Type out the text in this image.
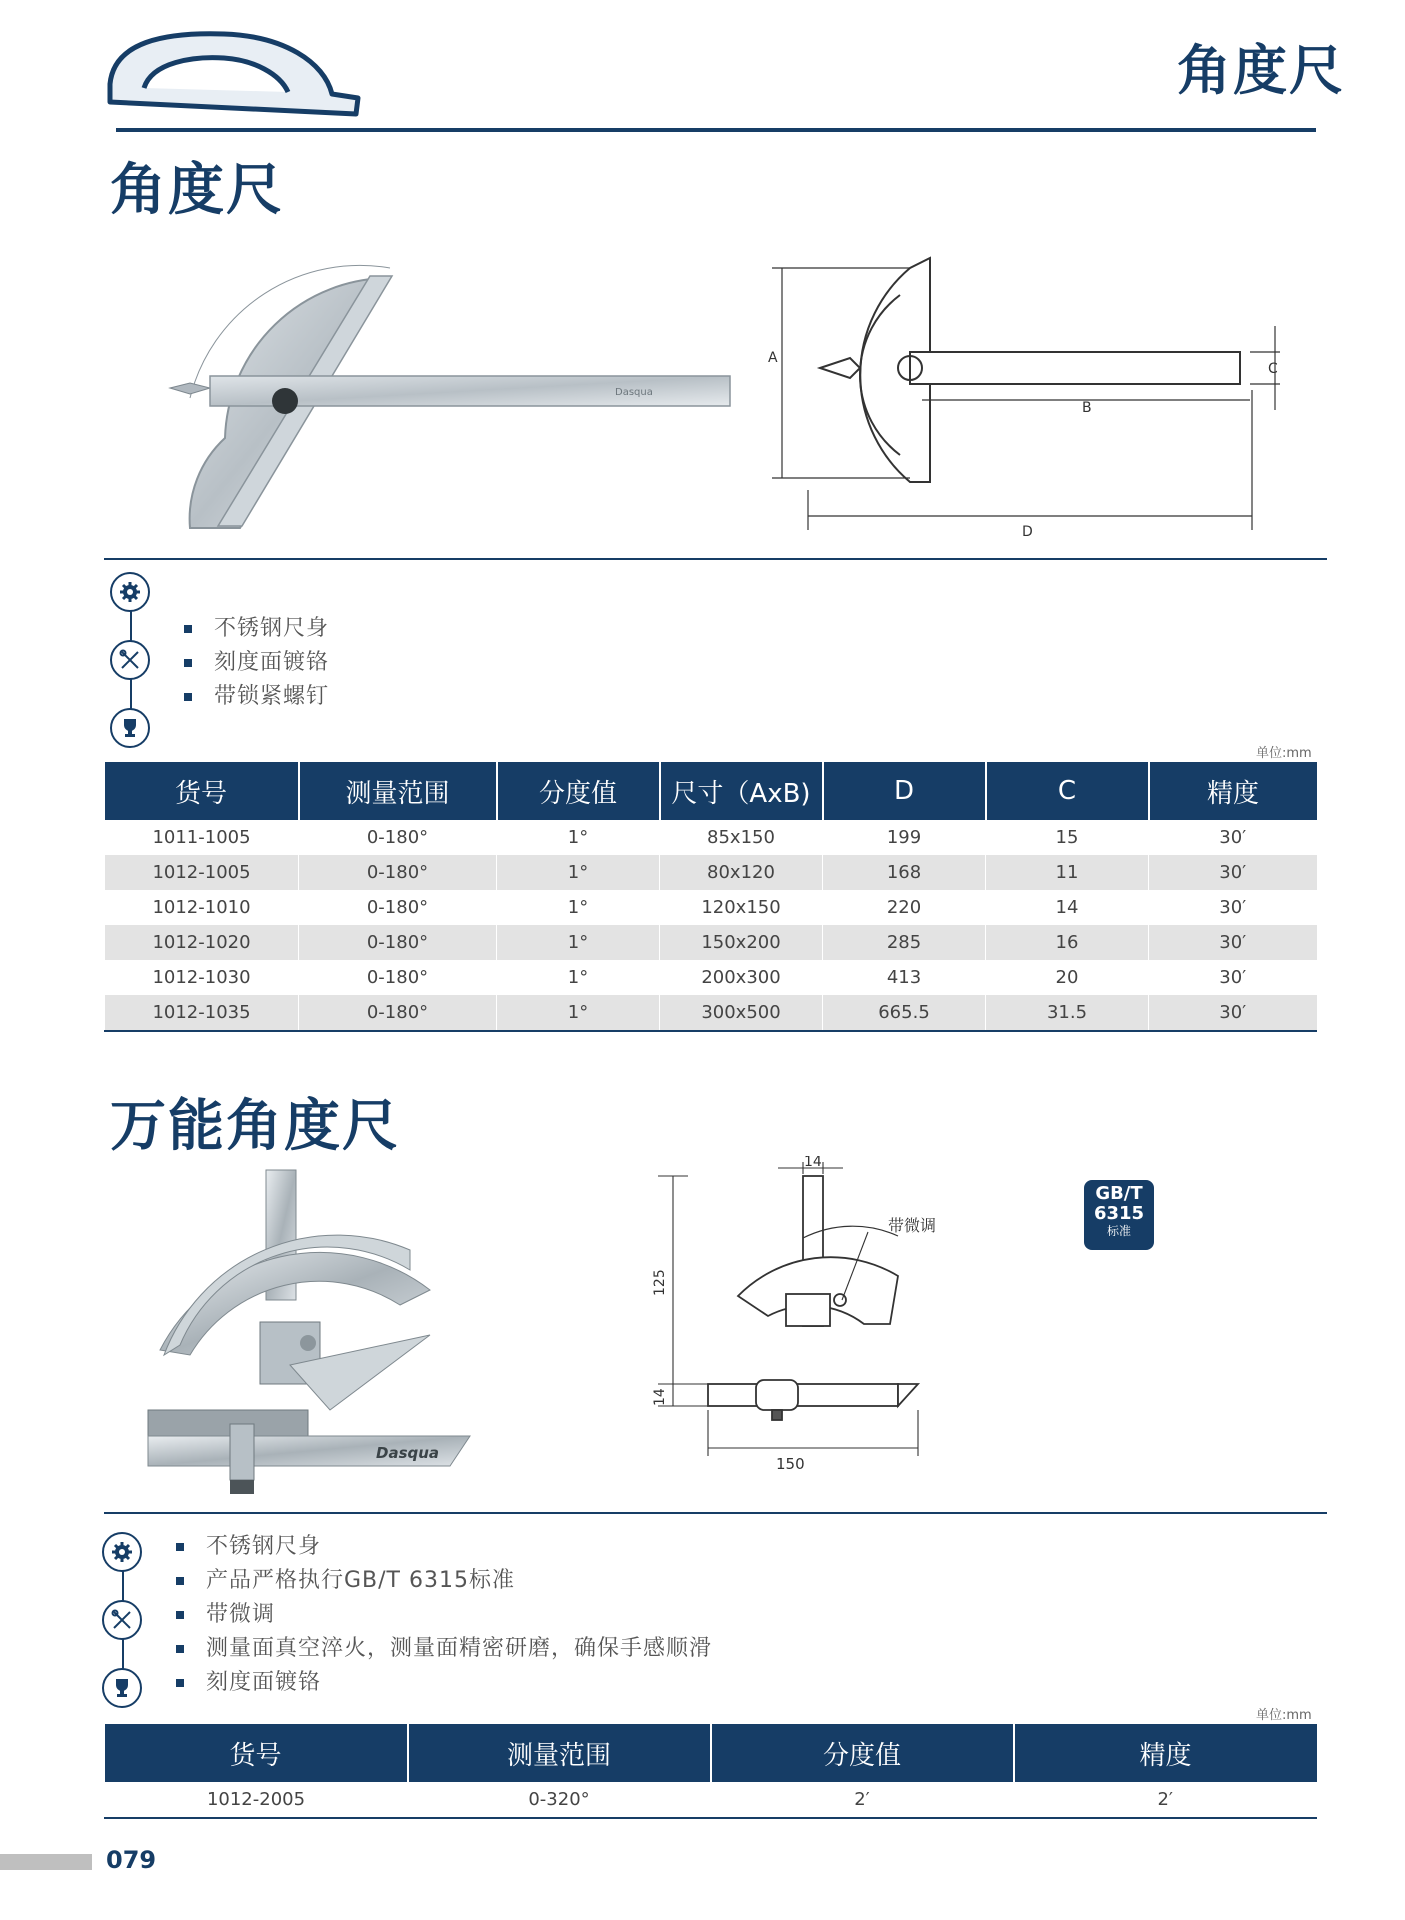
角度尺
角度尺
Dasqua
A
B
C
D
不锈钢尺身
刻度面镀铬
带锁紧螺钉
单位:mm
货号	测量范围	分度值	尺寸（AxB)	D	C	精度
1011-1005	0-180°	1°	85x150	199	15	30′
1012-1005	0-180°	1°	80x120	168	11	30′
1012-1010	0-180°	1°	120x150	220	14	30′
1012-1020	0-180°	1°	150x200	285	16	30′
1012-1030	0-180°	1°	200x300	413	20	30′
1012-1035	0-180°	1°	300x500	665.5	31.5	30′
万能角度尺
Dasqua
14
125
14
150
带微调
GB/T
6315
标准
不锈钢尺身
产品严格执行GB/T 6315标准
带微调
测量面真空淬火，测量面精密研磨，确保手感顺滑
刻度面镀铬
单位:mm
货号	测量范围	分度值	精度
1012-2005	0-320°	2′	2′
079
